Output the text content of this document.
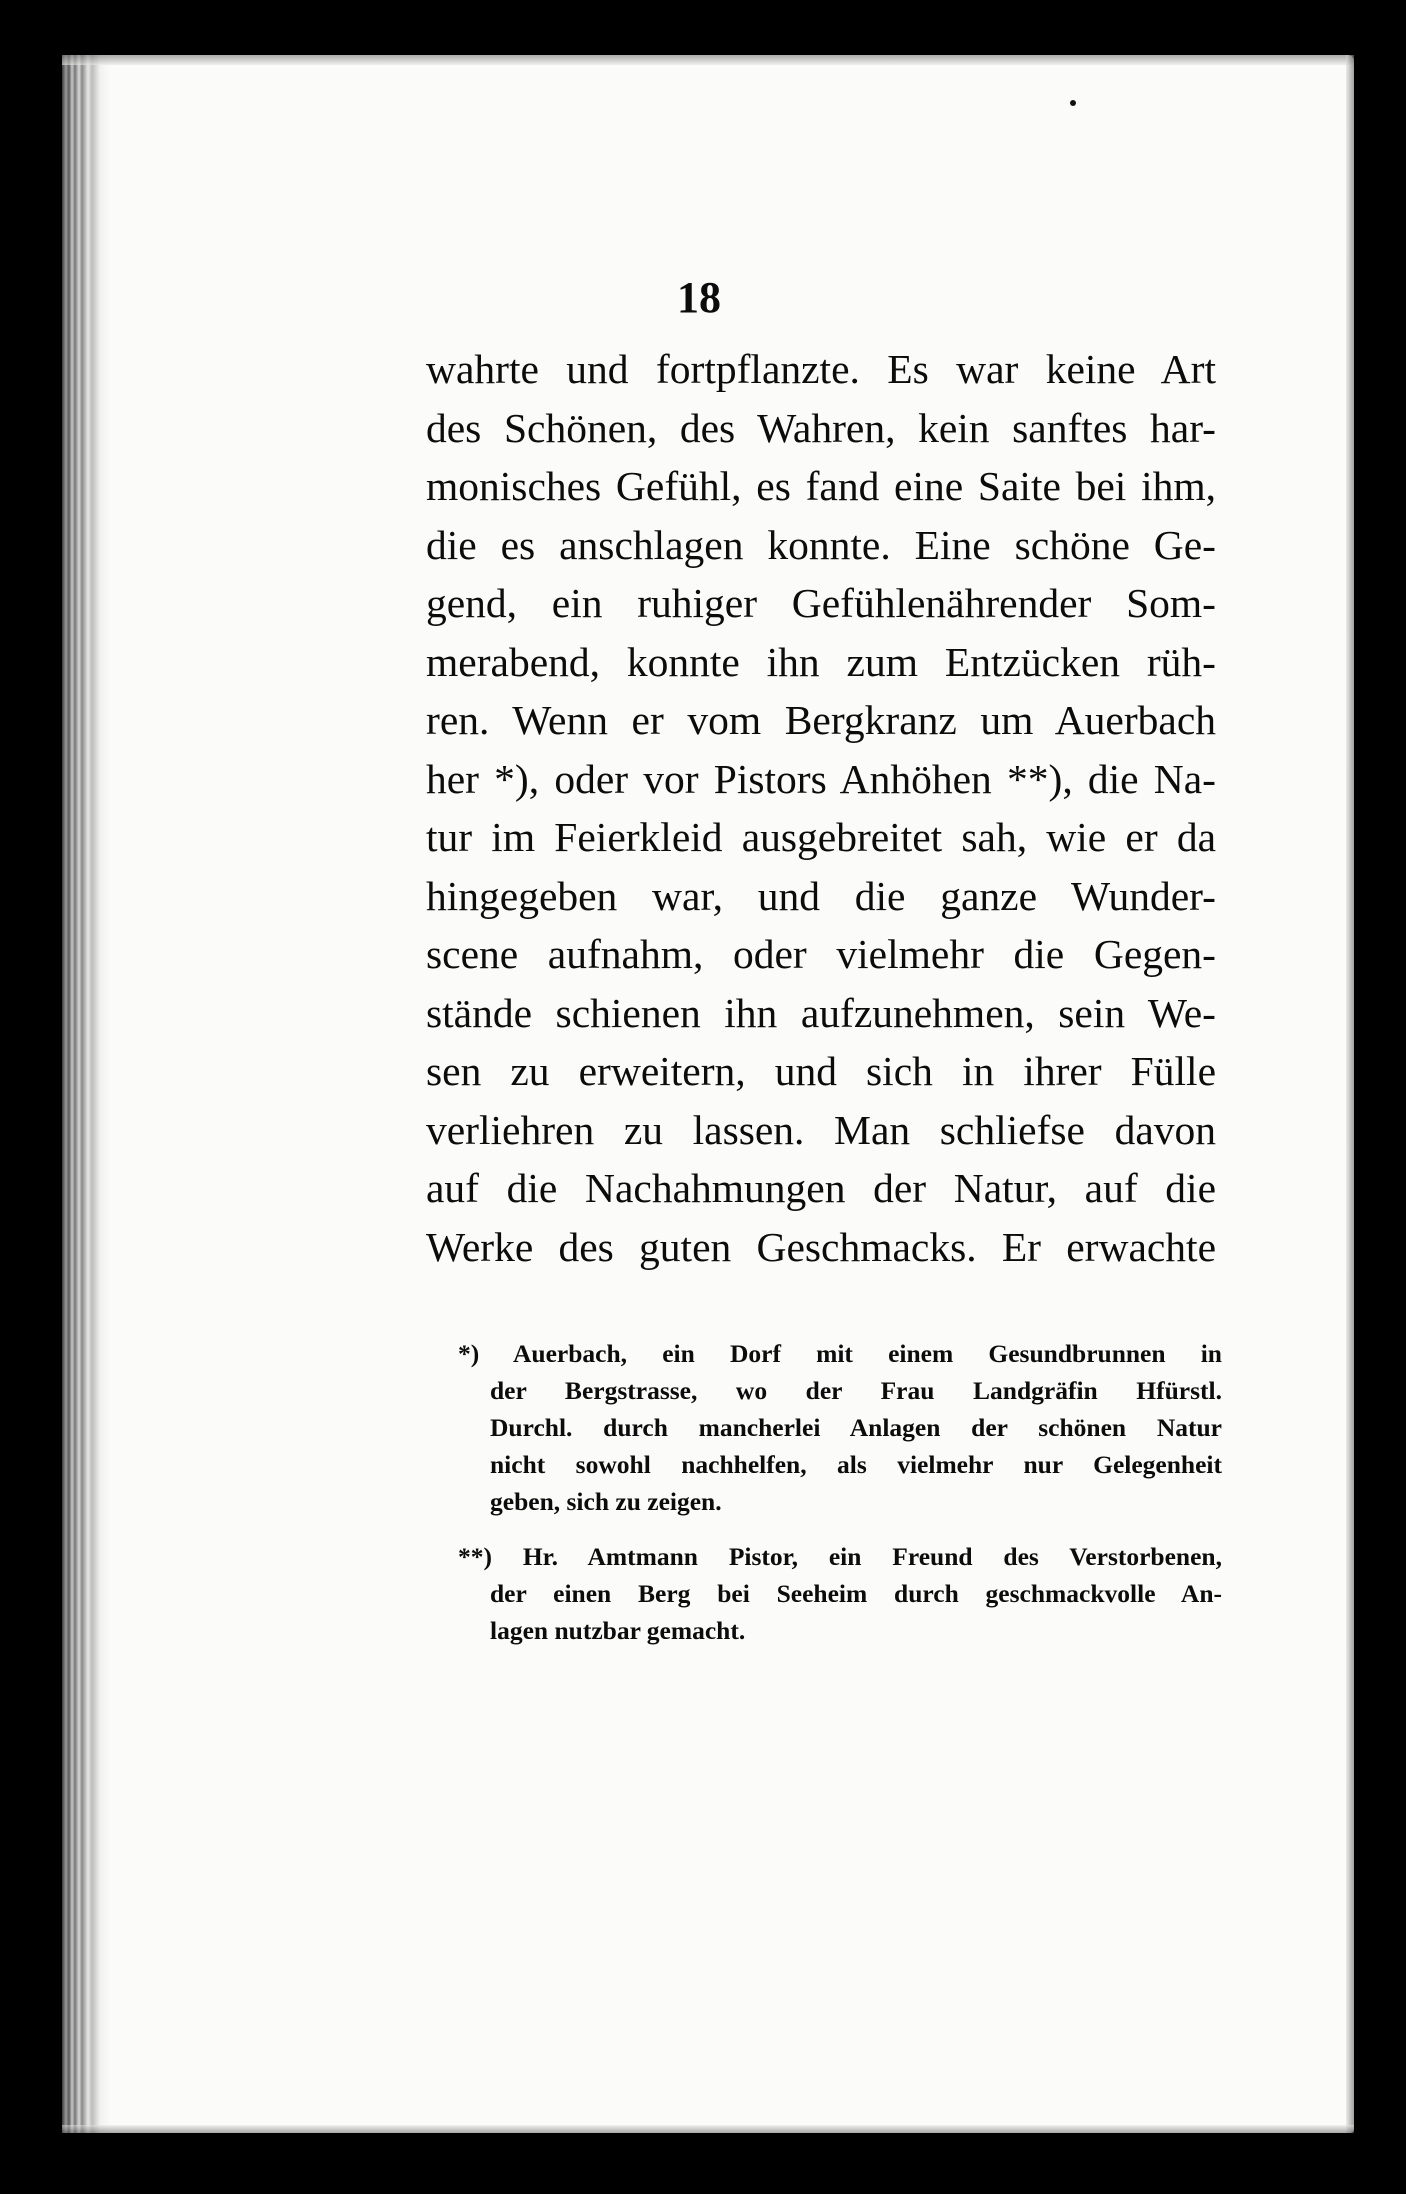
18
wahrte und fortpflanzte. Es war keine Art
des Schönen, des Wahren, kein sanftes har-
monisches Gefühl, es fand eine Saite bei ihm,
die es anschlagen konnte. Eine schöne Ge-
gend, ein ruhiger Gefühlenährender Som-
merabend, konnte ihn zum Entzücken rüh-
ren. Wenn er vom Bergkranz um Auerbach
her *), oder vor Pistors Anhöhen **), die Na-
tur im Feierkleid ausgebreitet sah, wie er da
hingegeben war, und die ganze Wunder-
scene aufnahm, oder vielmehr die Gegen-
stände schienen ihn aufzunehmen, sein We-
sen zu erweitern, und sich in ihrer Fülle
verliehren zu lassen. Man schliefse davon
auf die Nachahmungen der Natur, auf die
Werke des guten Geschmacks. Er erwachte
*) Auerbach, ein Dorf mit einem Gesundbrunnen in
der Bergstrasse, wo der Frau Landgräfin Hfürstl.
Durchl. durch mancherlei Anlagen der schönen Natur
nicht sowohl nachhelfen, als vielmehr nur Gelegenheit
geben, sich zu zeigen.
**) Hr. Amtmann Pistor, ein Freund des Verstorbenen,
der einen Berg bei Seeheim durch geschmackvolle An-
lagen nutzbar gemacht.
